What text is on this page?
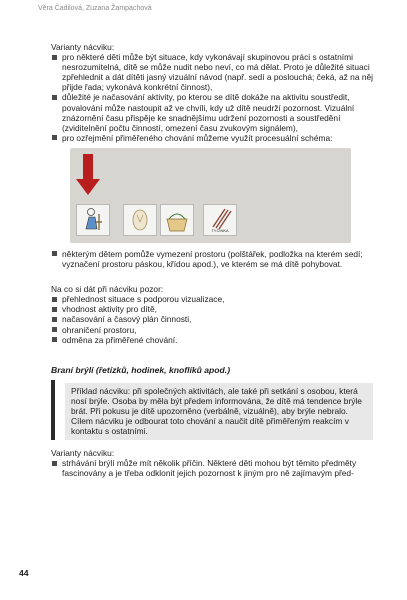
Věra Čadilová, Zuzana Žampachová

Varianty nácviku:

pro některé děti může být situace, kdy vykonávají skupinovou práci s ostatními nesrozumitelná, dítě se může nudit nebo neví, co má dělat. Proto je důležité situaci zpřehlednit a dát dítěti jasný vizuální návod (např. sedí a poslouchá; čeká, až na něj přijde řada; vykonává konkrétní činnost),
důležité je načasování aktivity, po kterou se dítě dokáže na aktivitu soustředit, povalování může nastoupit až ve chvíli, kdy už dítě neudrží pozornost. Vizuální znázornění času přispěje ke snadnějšímu udržení pozornosti a soustředění (zviditelnění počtu činností, omezení času zvukovým signálem),
pro ozřejmění přiměřeného chování můžeme využít procesuální schéma:
TYČINKA
některým dětem pomůže vymezení prostoru (polštářek, podložka na kterém sedí; vyznačení prostoru páskou, křídou apod.), ve kterém se má dítě pohybovat.

Na co si dát při nácviku pozor:

přehlednost situace s podporou vizualizace,
vhodnost aktivity pro dítě,
načasování a časový plán činnosti,
ohraničení prostoru,
odměna za přiměřené chování.

Braní brýlí (řetízků, hodinek, knoflíků apod.)

Příklad nácviku: při společných aktivitách, ale také při setkání s osobou, která nosí brýle. Osoba by měla být předem informována, že dítě má tendence brýle brát. Při pokusu je dítě upozorněno (verbálně, vizuálně), aby brýle nebralo. Cílem nácviku je odbourat toto chování a naučit dítě přiměřeným reakcím v kontaktu s ostatními.

Varianty nácviku:

strhávání brýlí může mít několik příčin. Některé děti mohou být těmito předměty fascinovány a je třeba odklonit jejich pozornost k jiným pro ně zajímavým před-
44
